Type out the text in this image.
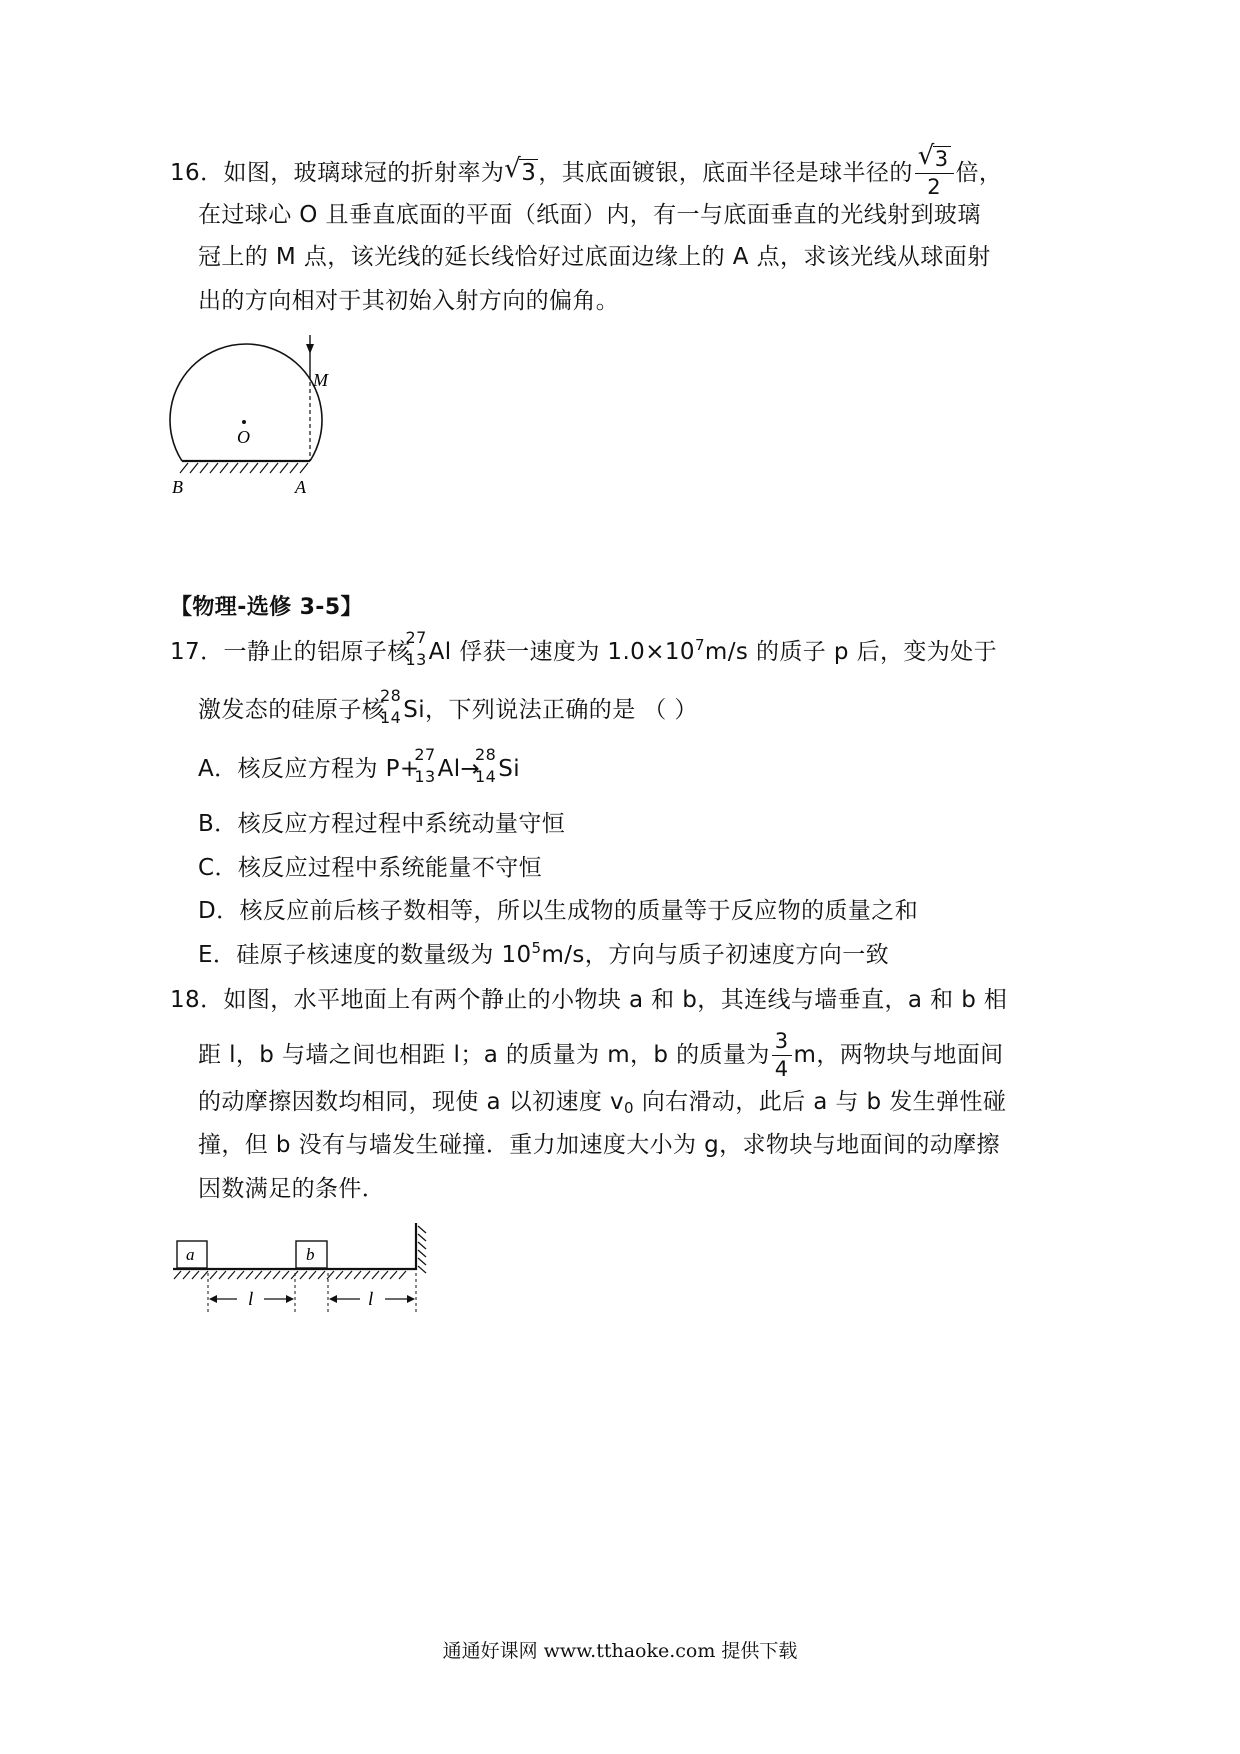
16．如图，玻璃球冠的折射率为 √ 3，其底面镀银，底面半径是球半径的 $\frac{√ 3}{2}$ 倍，
在过球心 O 且垂直底面的平面（纸面）内，有一与底面垂直的光线射到玻璃
冠上的 M 点，该光线的延长线恰好过底面边缘上的 A 点，求该光线从球面射
出的方向相对于其初始入射方向的偏角。
M
O
B	A
【物理-选修 3-5】
17．一静止的铝原子核
27
13 Al 俘获一速度为 $1.0\times 10^7m/s$ 的质子 p 后，变为处于
激发态的硅原子核
28
14 Si，下列说法正确的是 （ ）
A．核反应方程为 P+
27
13 Al→
28
14 Si
B．核反应方程过程中系统动量守恒
C．核反应过程中系统能量不守恒
D．核反应前后核子数相等，所以生成物的质量等于反应物的质量之和
E．硅原子核速度的数量级为 $10^5m/s$，方向与质子初速度方向一致
18．如图，水平地面上有两个静止的小物块 a 和 b，其连线与墙垂直，a 和 b 相
距 l，b 与墙之间也相距 l；a 的质量为 m，b 的质量为 $\frac{3}{4}$ m，两物块与地面间
的动摩擦因数均相同，现使 a 以初速度 $v_0$ 向右滑动，此后 a 与 b 发生弹性碰
撞，但 b 没有与墙发生碰撞．重力加速度大小为 g，求物块与地面间的动摩擦
因数满足的条件．
a	b
l	l
通通好课网 www.tthaoke.com 提供下载
